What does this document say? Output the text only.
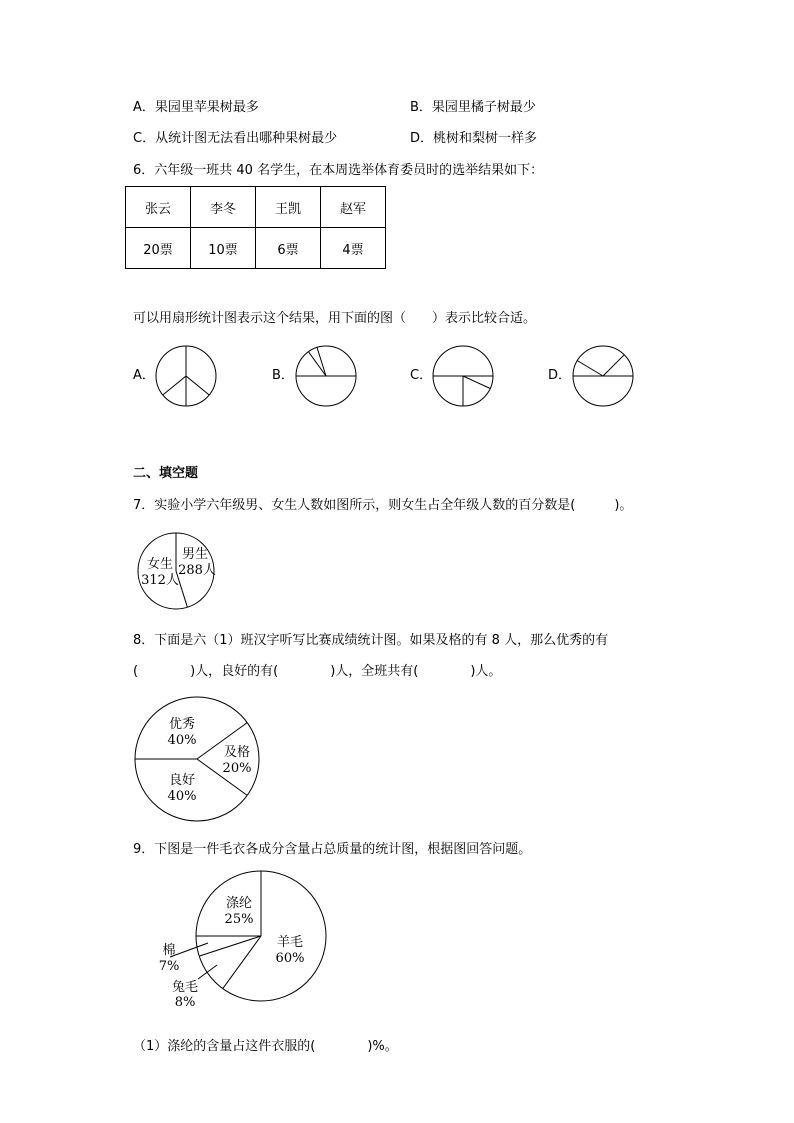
A．果园里苹果树最多	B．果园里橘子树最少
C．从统计图无法看出哪种果树最少	D．桃树和梨树一样多
6．六年级一班共 40 名学生，在本周选举体育委员时的选举结果如下：
张云	李冬	王凯	赵军
20票	10票	6票	4票
可以用扇形统计图表示这个结果，用下面的图（　　）表示比较合适。
A．	B．	C．	D．
二、填空题
7．实验小学六年级男、女生人数如图所示，则女生占全年级人数的百分数是(　　　)。
女生
312人
男生
288人
8．下面是六（1）班汉字听写比赛成绩统计图。如果及格的有 8 人，那么优秀的有
(　　　　)人，良好的有(　　　　)人，全班共有(　　　　)人。
优秀
40%
及格
20%
良好
40%
9．下图是一件毛衣各成分含量占总质量的统计图，根据图回答问题。
涤纶
25%
羊毛
60%
棉
7%
兔毛
8%
（1）涤纶的含量占这件衣服的(　　　　)%。
